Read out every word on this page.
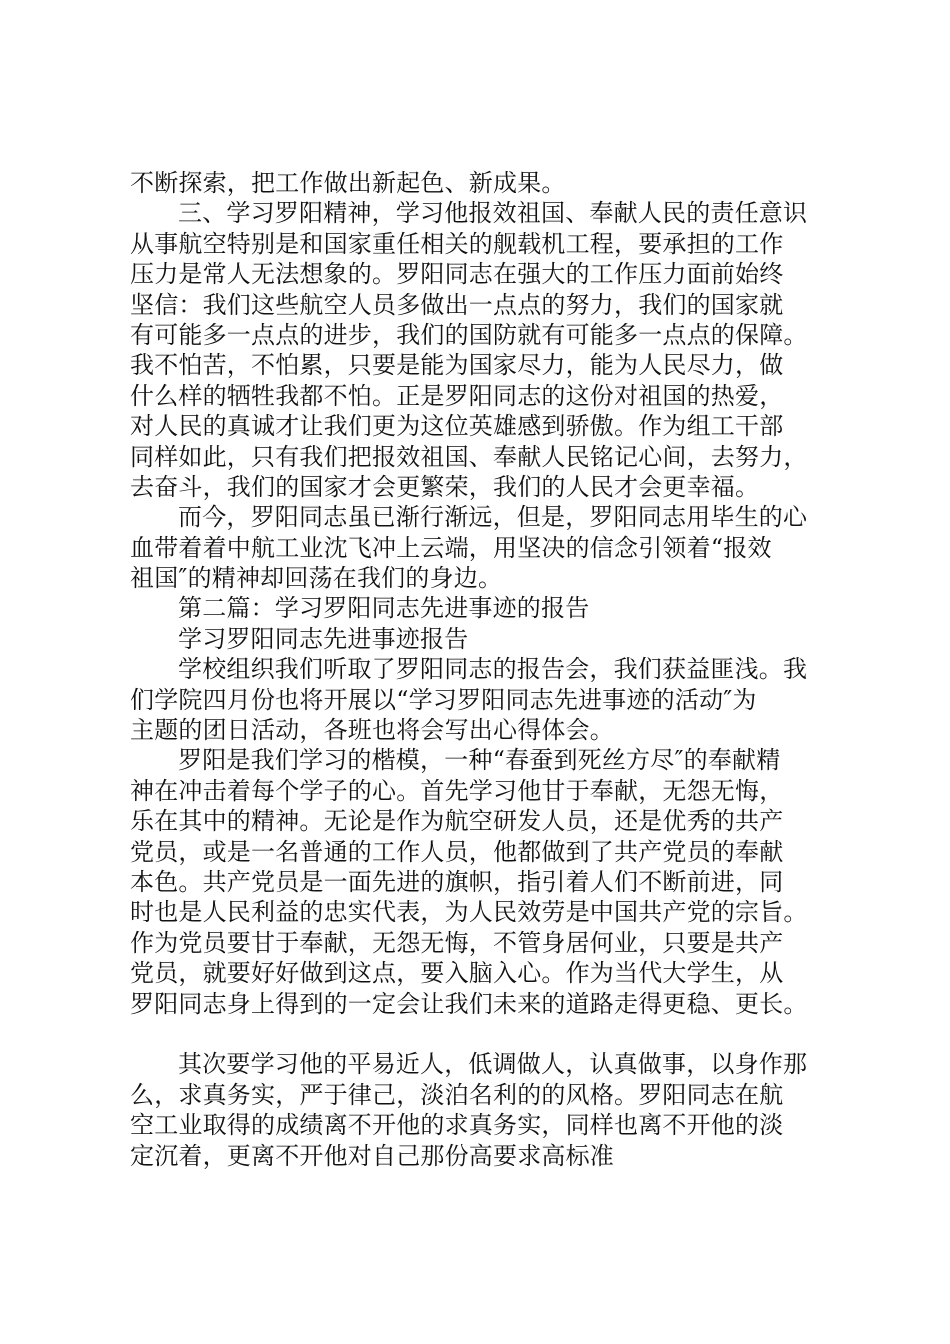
不断探索，把工作做出新起色、新成果。
三、学习罗阳精神，学习他报效祖国、奉献人民的责任意识
从事航空特别是和国家重任相关的舰载机工程，要承担的工作
压力是常人无法想象的。罗阳同志在强大的工作压力面前始终
坚信：我们这些航空人员多做出一点点的努力，我们的国家就
有可能多一点点的进步，我们的国防就有可能多一点点的保障。
我不怕苦，不怕累，只要是能为国家尽力，能为人民尽力，做
什么样的牺牲我都不怕。正是罗阳同志的这份对祖国的热爱，
对人民的真诚才让我们更为这位英雄感到骄傲。作为组工干部
同样如此，只有我们把报效祖国、奉献人民铭记心间，去努力，
去奋斗，我们的国家才会更繁荣，我们的人民才会更幸福。
而今，罗阳同志虽已渐行渐远，但是，罗阳同志用毕生的心
血带着着中航工业沈飞冲上云端，用坚决的信念引领着“报效
祖国″的精神却回荡在我们的身边。
第二篇：学习罗阳同志先进事迹的报告
学习罗阳同志先进事迹报告
学校组织我们听取了罗阳同志的报告会，我们获益匪浅。我
们学院四月份也将开展以“学习罗阳同志先进事迹的活动″为
主题的团日活动，各班也将会写出心得体会。
罗阳是我们学习的楷模，一种“春蚕到死丝方尽″的奉献精
神在冲击着每个学子的心。首先学习他甘于奉献，无怨无悔，
乐在其中的精神。无论是作为航空研发人员，还是优秀的共产
党员，或是一名普通的工作人员，他都做到了共产党员的奉献
本色。共产党员是一面先进的旗帜，指引着人们不断前进，同
时也是人民利益的忠实代表，为人民效劳是中国共产党的宗旨。
作为党员要甘于奉献，无怨无悔，不管身居何业，只要是共产
党员，就要好好做到这点，要入脑入心。作为当代大学生，从
罗阳同志身上得到的一定会让我们未来的道路走得更稳、更长。
其次要学习他的平易近人，低调做人，认真做事，以身作那
么，求真务实，严于律己，淡泊名利的的风格。罗阳同志在航
空工业取得的成绩离不开他的求真务实，同样也离不开他的淡
定沉着，更离不开他对自己那份高要求高标准
